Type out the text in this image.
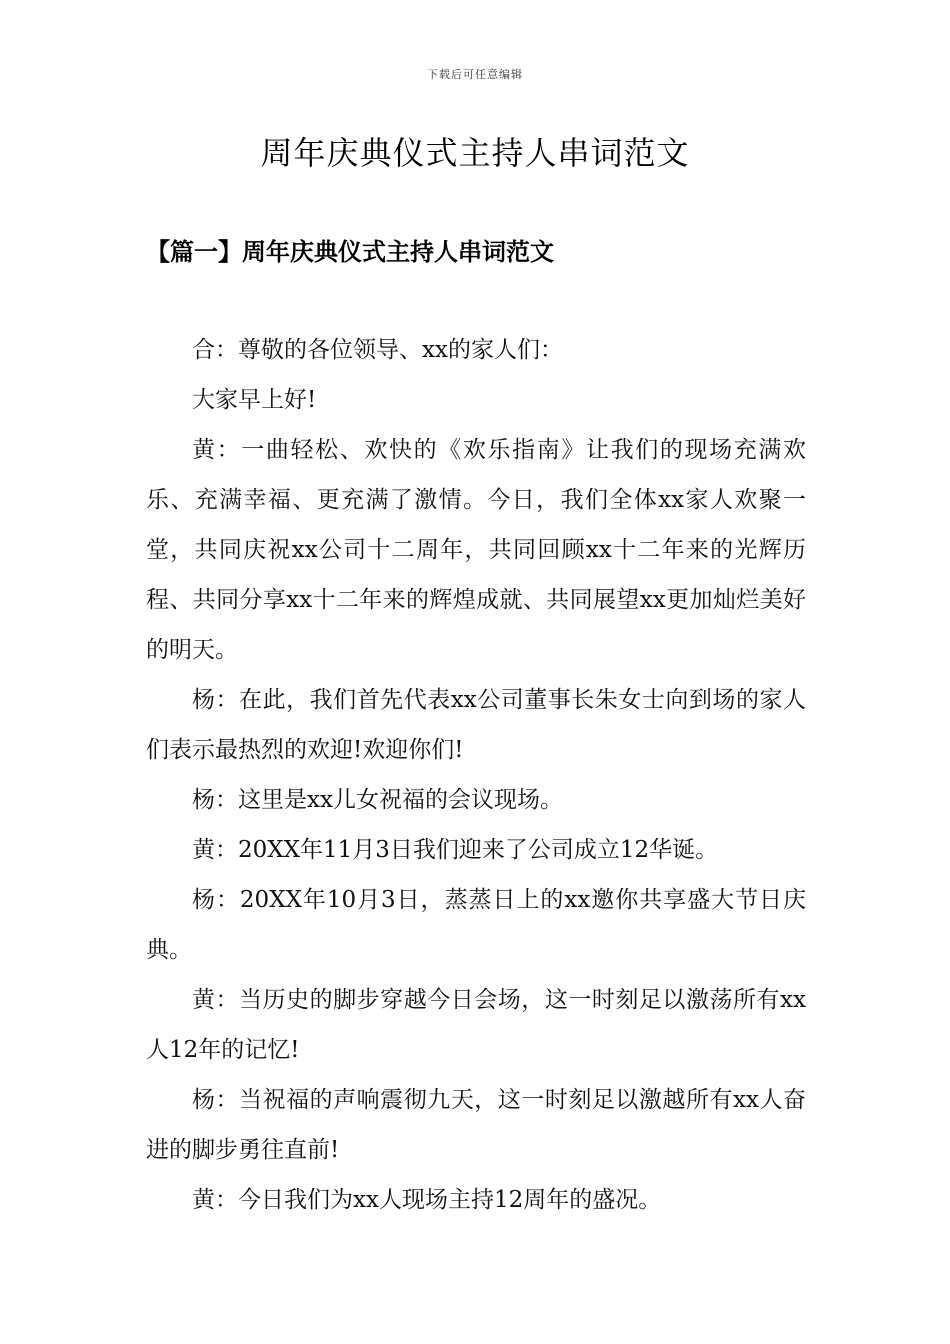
下载后可任意编辑
周年庆典仪式主持人串词范文
【篇一】周年庆典仪式主持人串词范文

合：尊敬的各位领导、xx的家人们：

大家早上好!

黄：一曲轻松、欢快的《欢乐指南》让我们的现场充满欢乐、充满幸福、更充满了激情。今日，我们全体xx家人欢聚一堂，共同庆祝xx公司十二周年，共同回顾xx十二年来的光辉历程、共同分享xx十二年来的辉煌成就、共同展望xx更加灿烂美好的明天。

杨：在此，我们首先代表xx公司董事长朱女士向到场的家人们表示最热烈的欢迎!欢迎你们!

杨：这里是xx儿女祝福的会议现场。

黄：20XX年11月3日我们迎来了公司成立12华诞。

杨：20XX年10月3日，蒸蒸日上的xx邀你共享盛大节日庆典。

黄：当历史的脚步穿越今日会场，这一时刻足以激荡所有xx人12年的记忆!

杨：当祝福的声响震彻九天，这一时刻足以激越所有xx人奋进的脚步勇往直前!

黄：今日我们为xx人现场主持12周年的盛况。
